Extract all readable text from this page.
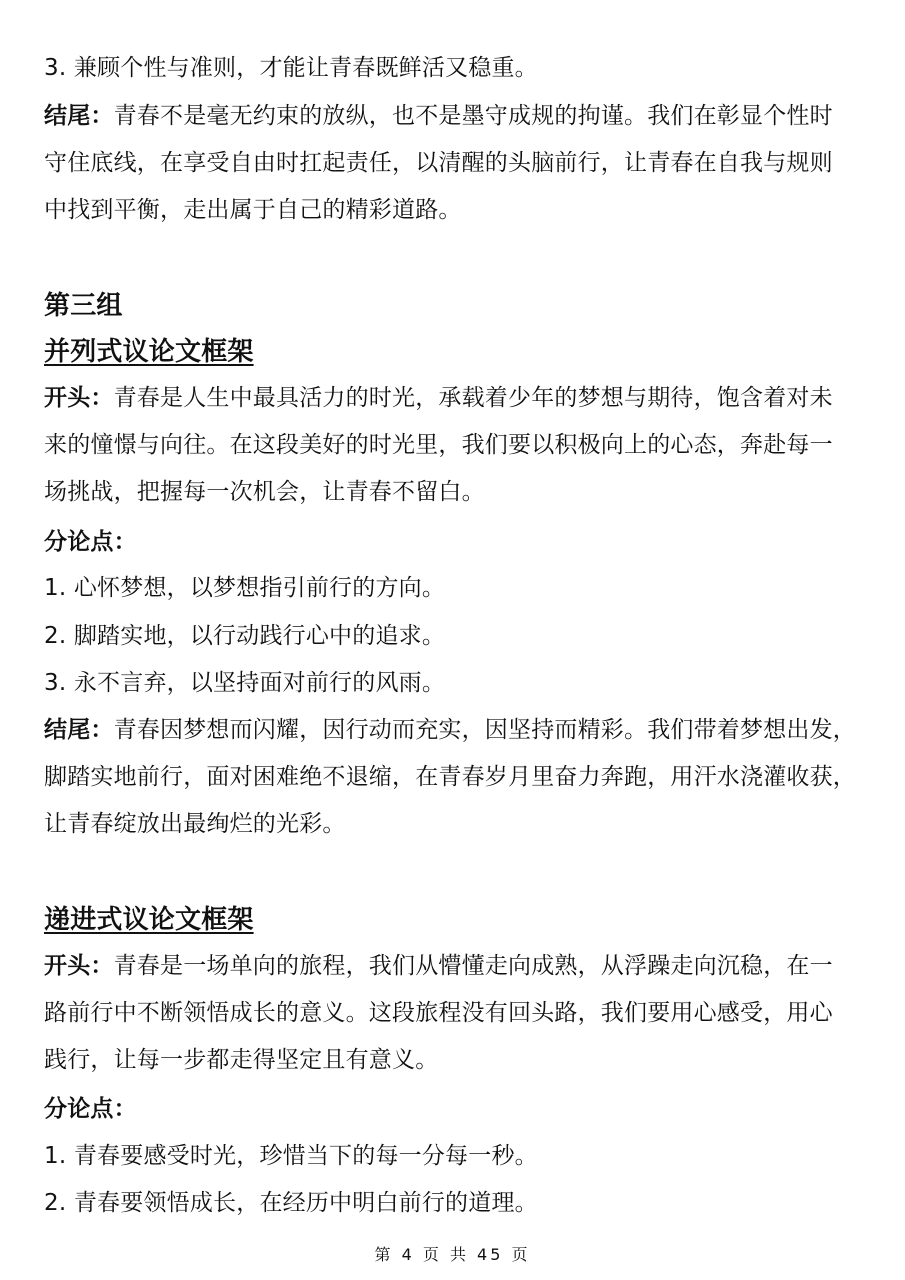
3. 兼顾个性与准则，才能让青春既鲜活又稳重。
结尾：青春不是毫无约束的放纵，也不是墨守成规的拘谨。我们在彰显个性时
守住底线，在享受自由时扛起责任，以清醒的头脑前行，让青春在自我与规则
中找到平衡，走出属于自己的精彩道路。
第三组
并列式议论文框架
开头：青春是人生中最具活力的时光，承载着少年的梦想与期待，饱含着对未
来的憧憬与向往。在这段美好的时光里，我们要以积极向上的心态，奔赴每一
场挑战，把握每一次机会，让青春不留白。
分论点：
1. 心怀梦想，以梦想指引前行的方向。
2. 脚踏实地，以行动践行心中的追求。
3. 永不言弃，以坚持面对前行的风雨。
结尾：青春因梦想而闪耀，因行动而充实，因坚持而精彩。我们带着梦想出发，
脚踏实地前行，面对困难绝不退缩，在青春岁月里奋力奔跑，用汗水浇灌收获，
让青春绽放出最绚烂的光彩。
递进式议论文框架
开头：青春是一场单向的旅程，我们从懵懂走向成熟，从浮躁走向沉稳，在一
路前行中不断领悟成长的意义。这段旅程没有回头路，我们要用心感受，用心
践行，让每一步都走得坚定且有意义。
分论点：
1. 青春要感受时光，珍惜当下的每一分每一秒。
2. 青春要领悟成长，在经历中明白前行的道理。
第 4 页 共 45 页
